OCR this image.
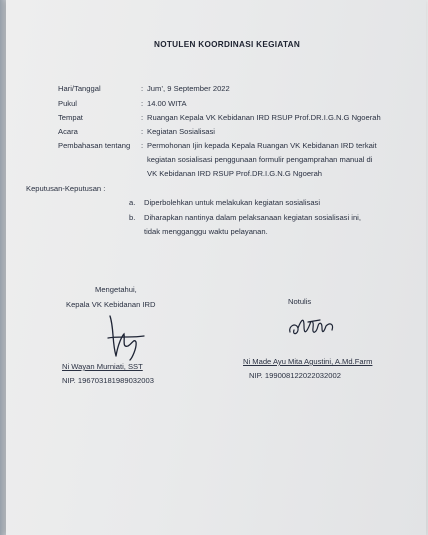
NOTULEN KOORDINASI KEGIATAN
Hari/Tanggal	: Jum’, 9 September 2022
Pukul	: 14.00 WITA
Tempat	: Ruangan Kepala VK Kebidanan IRD RSUP Prof.DR.I.G.N.G Ngoerah
Acara	: Kegiatan Sosialisasi
Pembahasan tentang : Permohonan Ijin kepada Kepala Ruangan VK Kebidanan IRD terkait
kegiatan sosialisasi penggunaan formulir pengamprahan manual di
VK Kebidanan IRD RSUP Prof.DR.I.G.N.G Ngoerah
Keputusan-Keputusan :
a. Diperbolehkan untuk melakukan kegiatan sosialisasi
b. Diharapkan nantinya dalam pelaksanaan kegiatan sosialisasi ini,
tidak mengganggu waktu pelayanan.
Mengetahui,
Kepala VK Kebidanan IRD
Ni Wayan Murniati, SST
NIP. 196703181989032003
Notulis
Ni Made Ayu Mita Agustini, A.Md.Farm
NIP. 199008122022032002
